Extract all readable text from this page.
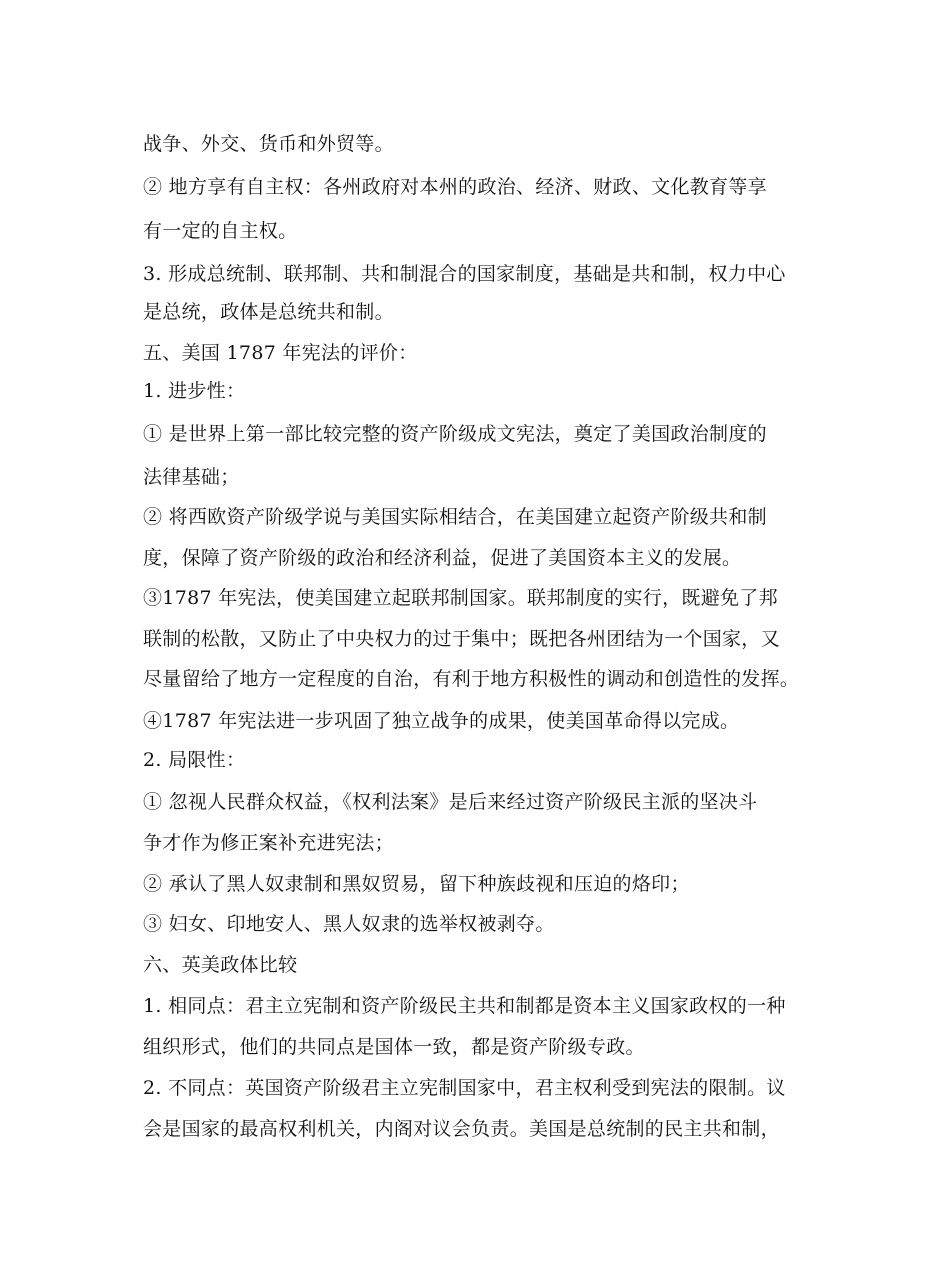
战争、外交、货币和外贸等。
② 地方享有自主权：各州政府对本州的政治、经济、财政、文化教育等享
有一定的自主权。
3. 形成总统制、联邦制、共和制混合的国家制度，基础是共和制，权力中心
是总统，政体是总统共和制。
五、美国 1787 年宪法的评价：
1. 进步性：
① 是世界上第一部比较完整的资产阶级成文宪法，奠定了美国政治制度的
法律基础；
② 将西欧资产阶级学说与美国实际相结合，在美国建立起资产阶级共和制
度，保障了资产阶级的政治和经济利益，促进了美国资本主义的发展。
③1787 年宪法，使美国建立起联邦制国家。联邦制度的实行，既避免了邦
联制的松散，又防止了中央权力的过于集中；既把各州团结为一个国家，又
尽量留给了地方一定程度的自治，有利于地方积极性的调动和创造性的发挥。
④1787 年宪法进一步巩固了独立战争的成果，使美国革命得以完成。
2. 局限性：
① 忽视人民群众权益，《权利法案》是后来经过资产阶级民主派的坚决斗
争才作为修正案补充进宪法；
② 承认了黑人奴隶制和黑奴贸易，留下种族歧视和压迫的烙印；
③ 妇女、印地安人、黑人奴隶的选举权被剥夺。
六、英美政体比较
1. 相同点：君主立宪制和资产阶级民主共和制都是资本主义国家政权的一种
组织形式，他们的共同点是国体一致，都是资产阶级专政。
2. 不同点：英国资产阶级君主立宪制国家中，君主权利受到宪法的限制。议
会是国家的最高权利机关，内阁对议会负责。美国是总统制的民主共和制，
